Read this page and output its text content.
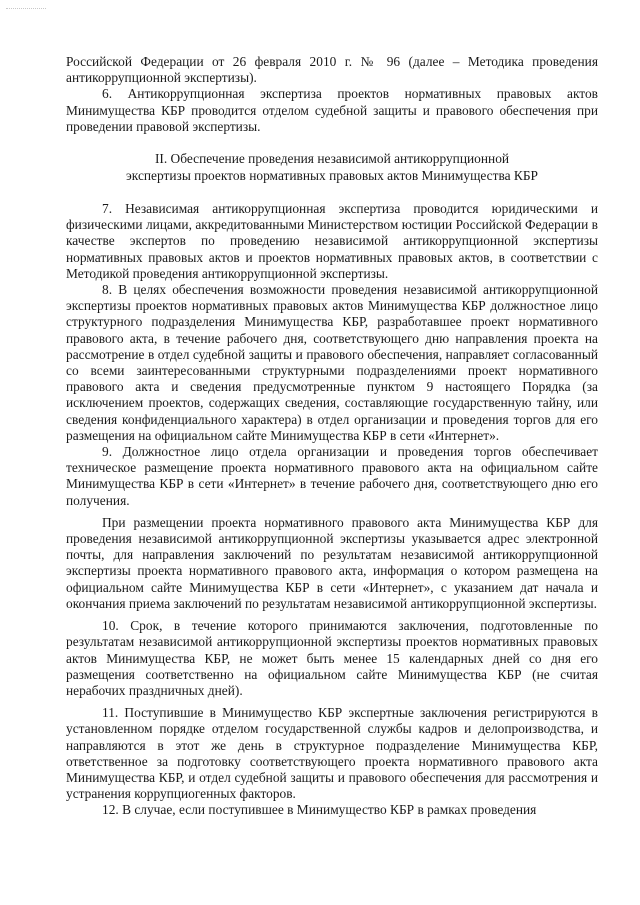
Российской Федерации от 26 февраля 2010 г. № 96 (далее – Методика проведения антикоррупционной экспертизы).

6. Антикоррупционная экспертиза проектов нормативных правовых актов Минимущества КБР проводится отделом судебной защиты и правового обеспечения при проведении правовой экспертизы.

II. Обеспечение проведения независимой антикоррупционной
экспертизы проектов нормативных правовых актов Минимущества КБР

7. Независимая антикоррупционная экспертиза проводится юридическими и физическими лицами, аккредитованными Министерством юстиции Российской Федерации в качестве экспертов по проведению независимой антикоррупционной экспертизы нормативных правовых актов и проектов нормативных правовых актов, в соответствии с Методикой проведения антикоррупционной экспертизы.

8. В целях обеспечения возможности проведения независимой антикоррупционной экспертизы проектов нормативных правовых актов Минимущества КБР должностное лицо структурного подразделения Минимущества КБР, разработавшее проект нормативного правового акта, в течение рабочего дня, соответствующего дню направления проекта на рассмотрение в отдел судебной защиты и правового обеспечения, направляет согласованный со всеми заинтересованными структурными подразделениями проект нормативного правового акта и сведения предусмотренные пунктом 9 настоящего Порядка (за исключением проектов, содержащих сведения, составляющие государственную тайну, или сведения конфиденциального характера) в отдел организации и проведения торгов для его размещения на официальном сайте Минимущества КБР в сети «Интернет».

9. Должностное лицо отдела организации и проведения торгов обеспечивает техническое размещение проекта нормативного правового акта на официальном сайте Минимущества КБР в сети «Интернет» в течение рабочего дня, соответствующего дню его получения.

При размещении проекта нормативного правового акта Минимущества КБР для проведения независимой антикоррупционной экспертизы указывается адрес электронной почты, для направления заключений по результатам независимой антикоррупционной экспертизы проекта нормативного правового акта, информация о котором размещена на официальном сайте Минимущества КБР в сети «Интернет», с указанием дат начала и окончания приема заключений по результатам независимой антикоррупционной экспертизы.

10. Срок, в течение которого принимаются заключения, подготовленные по результатам независимой антикоррупционной экспертизы проектов нормативных правовых актов Минимущества КБР, не может быть менее 15 календарных дней со дня его размещения соответственно на официальном сайте Минимущества КБР (не считая нерабочих праздничных дней).

11. Поступившие в Минимущество КБР экспертные заключения регистрируются в установленном порядке отделом государственной службы кадров и делопроизводства, и направляются в этот же день в структурное подразделение Минимущества КБР, ответственное за подготовку соответствующего проекта нормативного правового акта Минимущества КБР, и отдел судебной защиты и правового обеспечения для рассмотрения и устранения коррупциогенных факторов.

12. В случае, если поступившее в Минимущество КБР в рамках проведения
